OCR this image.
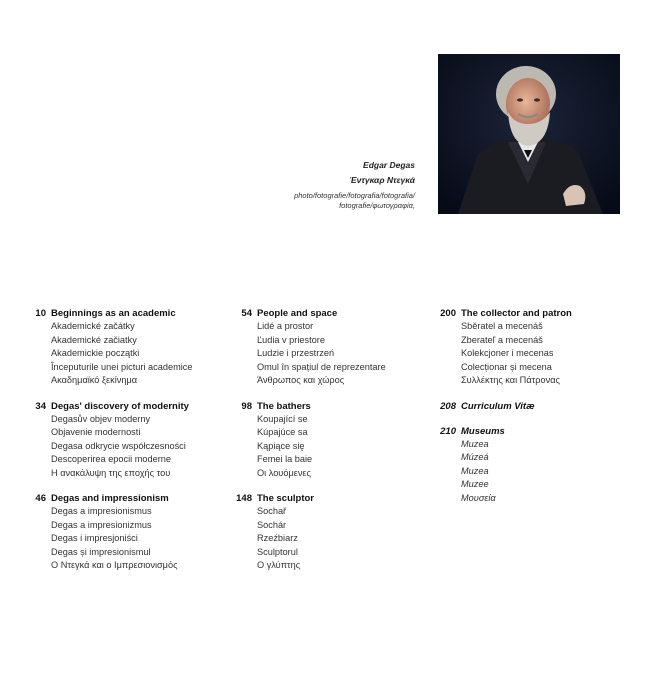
Edgar Degas
Έντγκαρ Ντεγκά
photo/fotografie/fotografia/fotografia/
fotografie/φωτογραφία,
10 Beginnings as an academic
Akademické začátky
Akademické začiatky
Akademickie początki
Începuturile unei picturi academice
Ακαδημαϊκό ξεκίνημα
34 Degas' discovery of modernity
Degasův objev moderny
Objavenie modernosti
Degasa odkrycie współczesności
Descoperirea epocii moderne
Η ανακάλυψη της εποχής του
46 Degas and impressionism
Degas a impresionismus
Degas a impresionizmus
Degas i impresjoniści
Degas și impresionismul
Ο Ντεγκά και ο Ιμπρεσιονισμός
54 People and space
Lidé a prostor
Ľudia v priestore
Ludzie i przestrzeń
Omul în spațiul de reprezentare
Άνθρωπος και χώρος
98 The bathers
Koupající se
Kúpajúce sa
Kąpiące się
Femei la baie
Οι λουόμενες
148 The sculptor
Sochař
Sochár
Rzeźbiarz
Sculptorul
Ο γλύπτης
200 The collector and patron
Sběratel a mecenáš
Zberateľ a mecenáš
Kolekcjoner i mecenas
Colecționar și mecena
Συλλέκτης και Πάτρονας
208 Curriculum Vitæ
210 Museums
Muzea
Múzeá
Muzea
Muzee
Μουσεία
